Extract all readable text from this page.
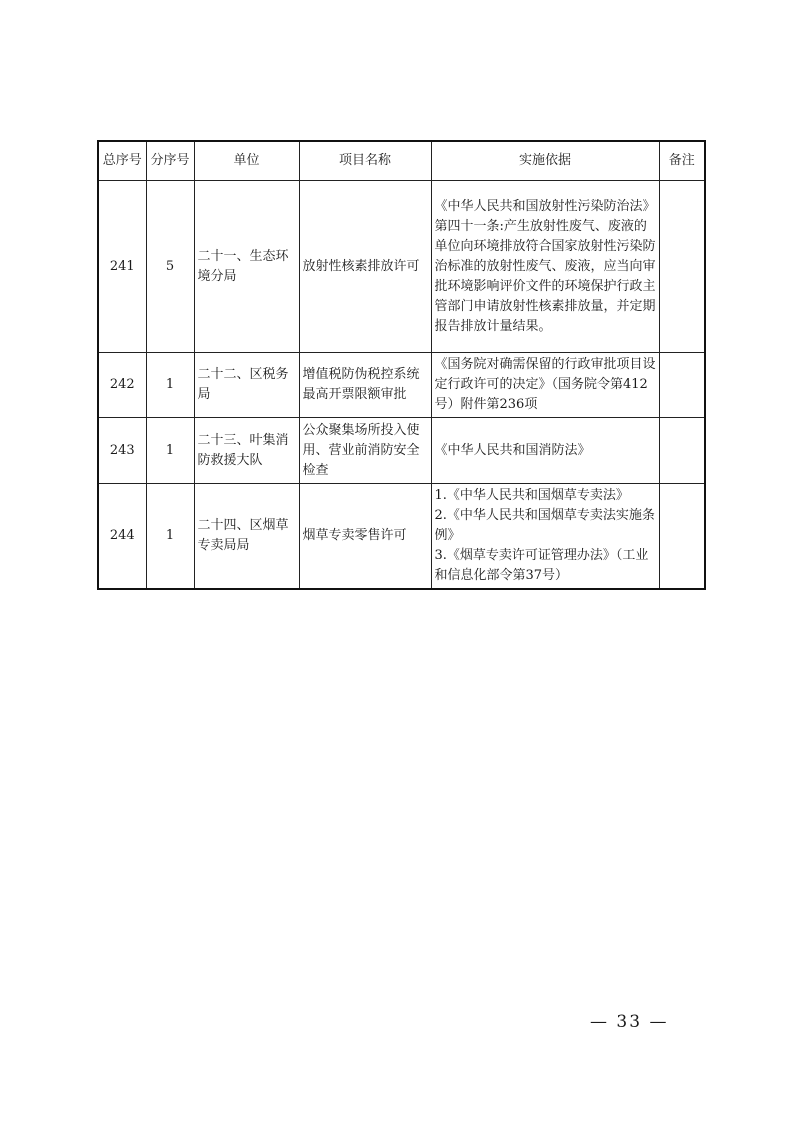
总序号	分序号	单位	项目名称	实施依据	备注
241	5	二十一、生态环境分局	放射性核素排放许可	《中华人民共和国放射性污染防治法》第四十一条:产生放射性废气、废液的单位向环境排放符合国家放射性污染防治标准的放射性废气、废液，应当向审批环境影响评价文件的环境保护行政主管部门申请放射性核素排放量，并定期报告排放计量结果。	

242	1	二十二、区税务局	增值税防伪税控系统最高开票限额审批	《国务院对确需保留的行政审批项目设定行政许可的决定》（国务院令第412号）附件第236项	

243	1	二十三、叶集消防救援大队	公众聚集场所投入使用、营业前消防安全检查	《中华人民共和国消防法》	

244	1	二十四、区烟草专卖局局	烟草专卖零售许可	1.《中华人民共和国烟草专卖法》
2.《中华人民共和国烟草专卖法实施条例》
3.《烟草专卖许可证管理办法》（工业和信息化部令第37号）	

— 33 —
